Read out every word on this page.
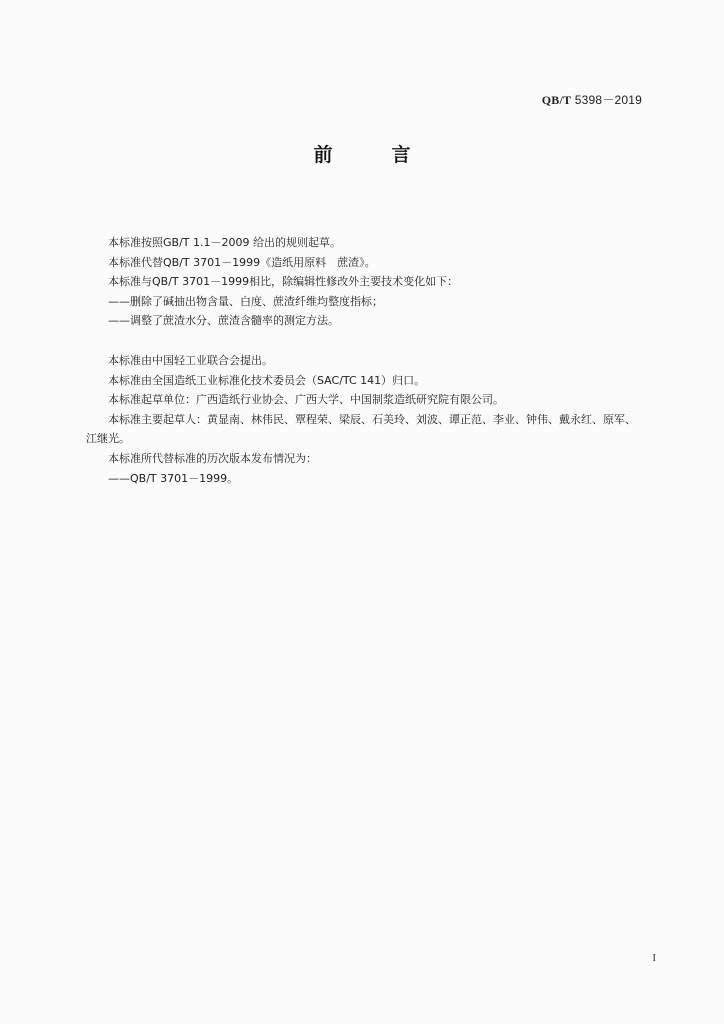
QB/T 5398－2019
前　言

本标准按照GB/T 1.1－2009 给出的规则起草。

本标准代替QB/T 3701－1999《造纸用原料　蔗渣》。

本标准与QB/T 3701－1999相比，除编辑性修改外主要技术变化如下：

——删除了碱抽出物含量、白度、蔗渣纤维均整度指标；

——调整了蔗渣水分、蔗渣含髓率的测定方法。

本标准由中国轻工业联合会提出。

本标准由全国造纸工业标准化技术委员会（SAC/TC 141）归口。

本标准起草单位：广西造纸行业协会、广西大学、中国制浆造纸研究院有限公司。

本标准主要起草人：黄显南、林伟民、覃程荣、梁辰、石美玲、刘波、谭正范、李业、钟伟、戴永红、原军、江继光。

本标准所代替标准的历次版本发布情况为：

——QB/T 3701－1999。

I
